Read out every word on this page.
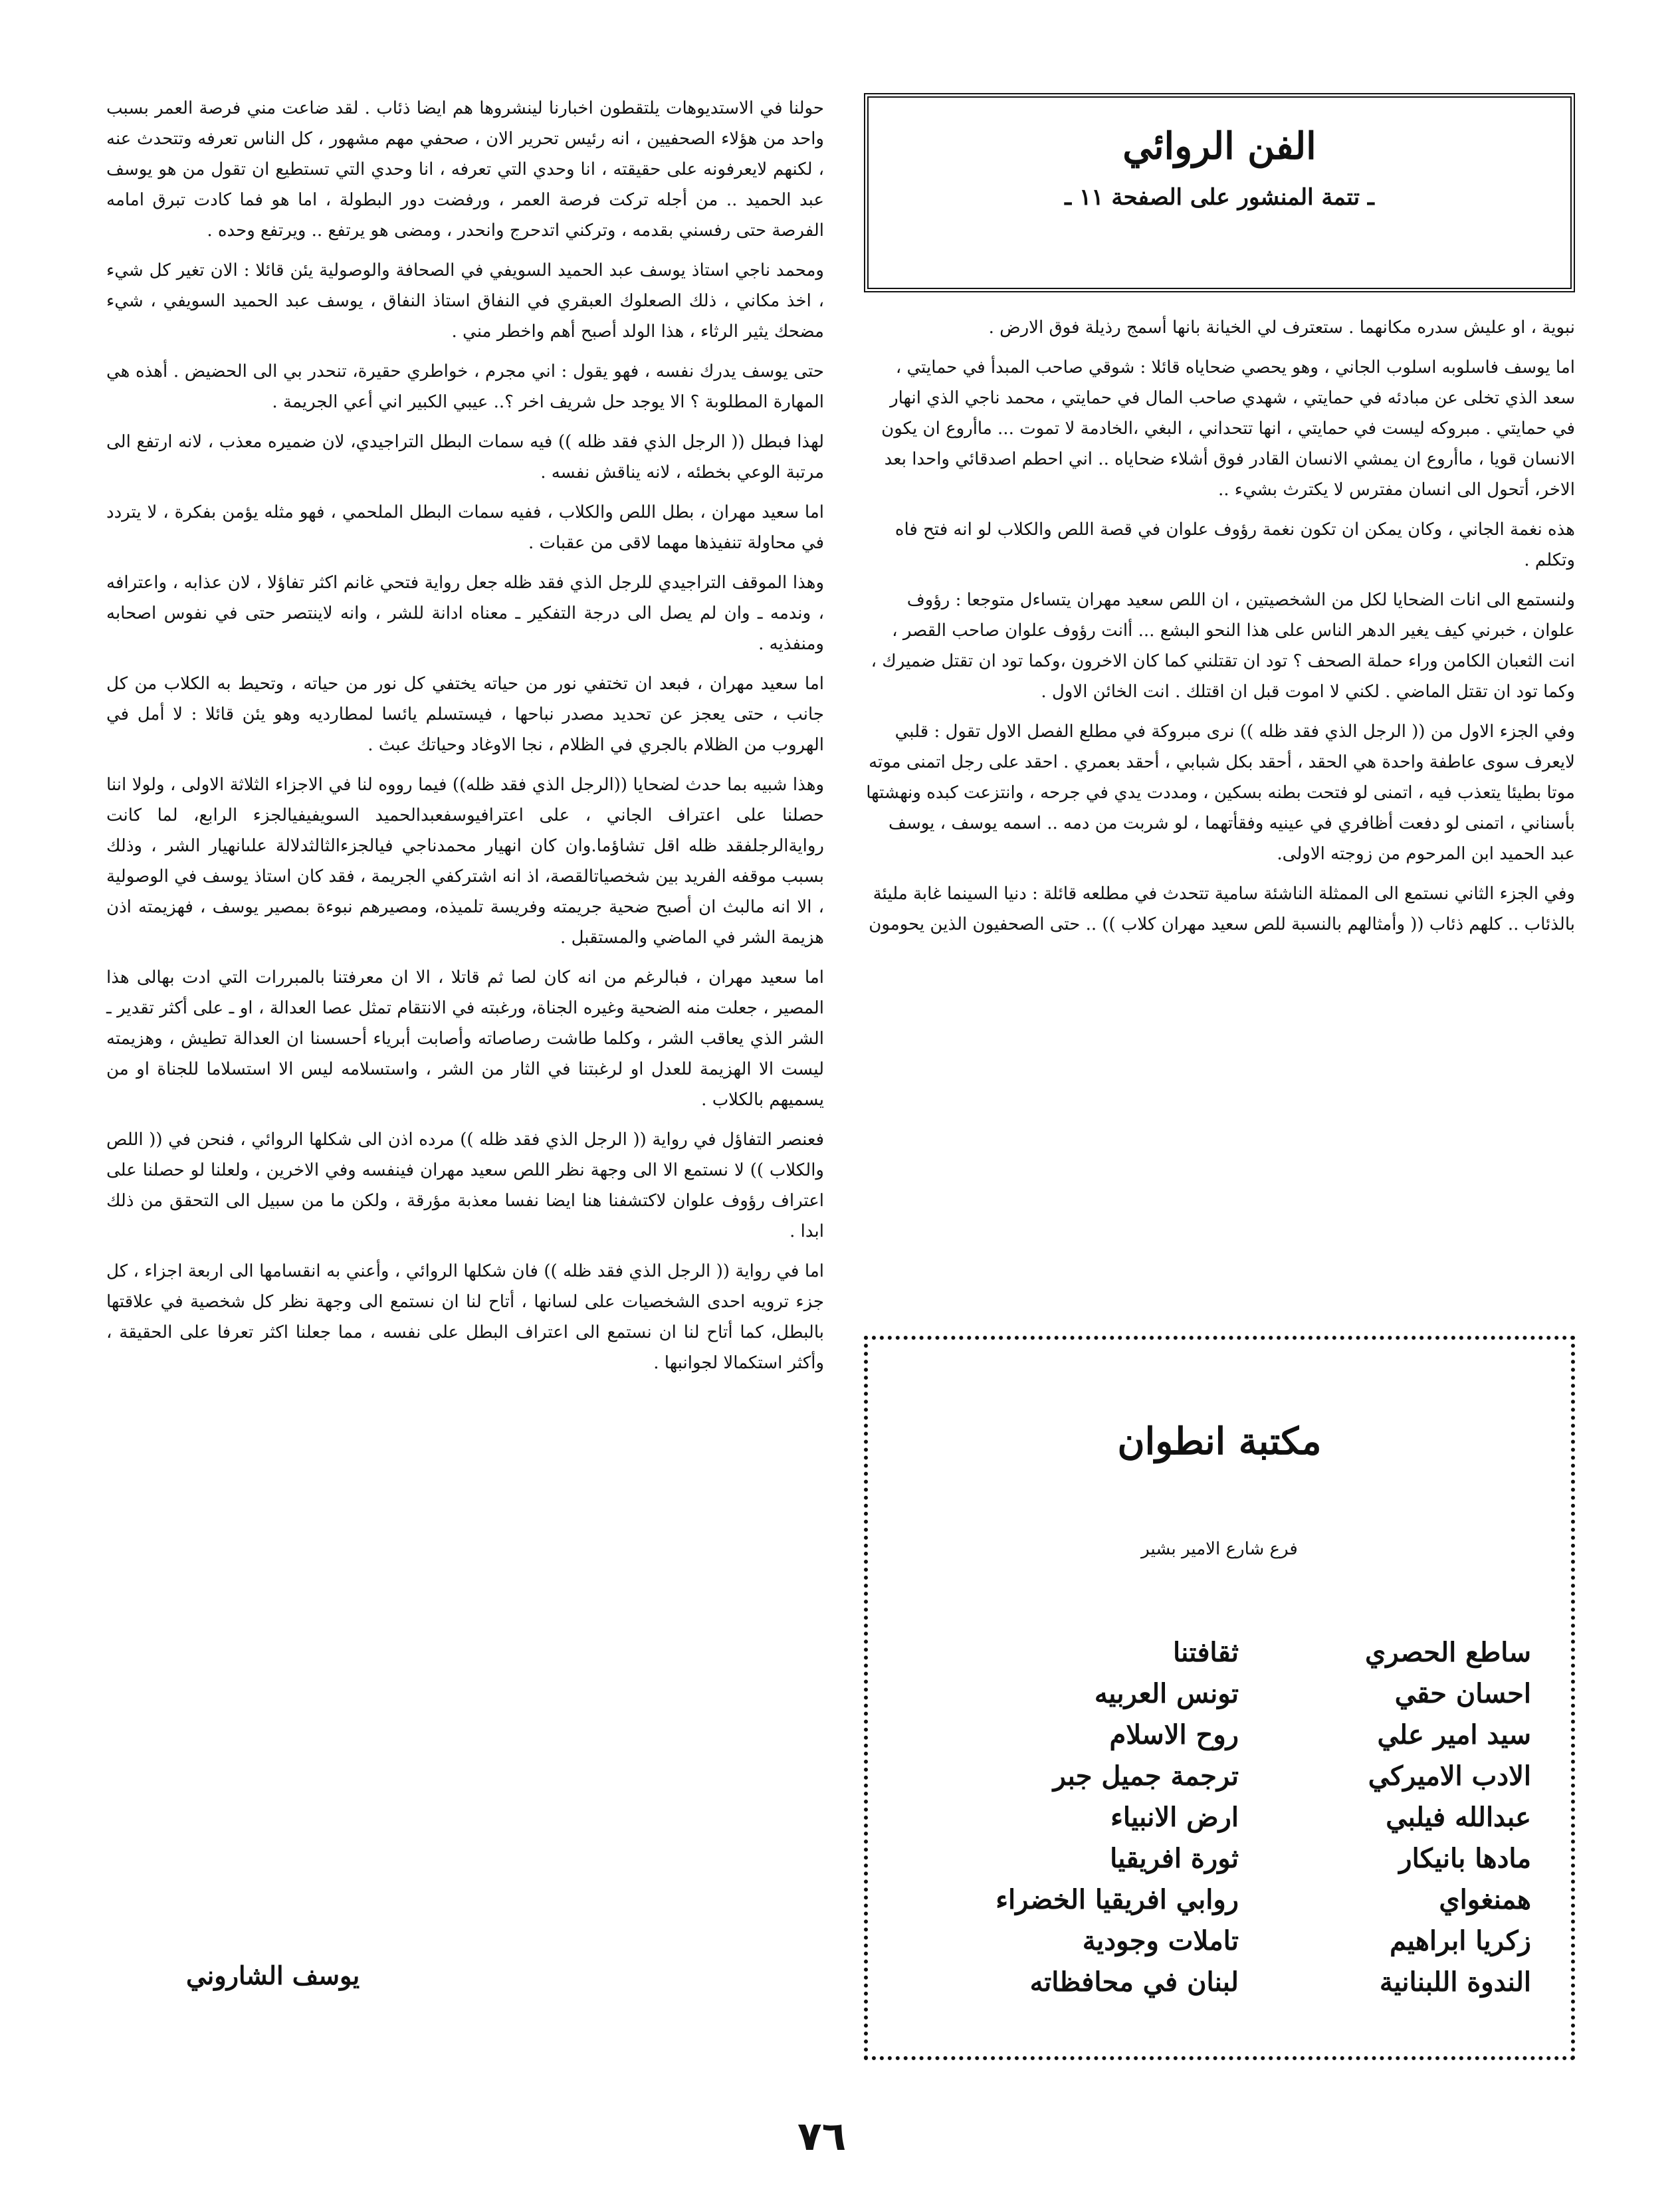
الفن الروائي
ـ تتمة المنشور على الصفحة ١١ ـ

نبوية ، او عليش سدره مكانهما . ستعترف لي الخيانة بانها أسمج رذيلة فوق الارض .

اما يوسف فاسلوبه اسلوب الجاني ، وهو يحصي ضحاياه قائلا : شوقي صاحب المبدأ في حمايتي ، سعد الذي تخلى عن مبادئه في حمايتي ، شهدي صاحب المال في حمايتي ، محمد ناجي الذي انهار في حمايتي . مبروكه ليست في حمايتي ، انها تتحداني ، البغي ،الخادمة لا تموت ... ماأروع ان يكون الانسان قويا ، ماأروع ان يمشي الانسان القادر فوق أشلاء ضحاياه .. اني احطم اصدقائي واحدا بعد الاخر، أتحول الى انسان مفترس لا يكترث بشيء ..

هذه نغمة الجاني ، وكان يمكن ان تكون نغمة رؤوف علوان في قصة اللص والكلاب لو انه فتح فاه وتكلم .

ولنستمع الى انات الضحايا لكل من الشخصيتين ، ان اللص سعيد مهران يتساءل متوجعا : رؤوف علوان ، خبرني كيف يغير الدهر الناس على هذا النحو البشع ... أانت رؤوف علوان صاحب القصر ، انت الثعبان الكامن وراء حملة الصحف ؟ تود ان تقتلني كما كان الاخرون ،وكما تود ان تقتل ضميرك ، وكما تود ان تقتل الماضي . لكني لا اموت قبل ان اقتلك . انت الخائن الاول .

وفي الجزء الاول من (( الرجل الذي فقد ظله )) نرى مبروكة في مطلع الفصل الاول تقول : قلبي لايعرف سوى عاطفة واحدة هي الحقد ، أحقد بكل شبابي ، أحقد بعمري . احقد على رجل اتمنى موته موتا بطيئا يتعذب فيه ، اتمنى لو فتحت بطنه بسكين ، ومددت يدي في جرحه ، وانتزعت كبده ونهشتها بأسناني ، اتمنى لو دفعت أظافري في عينيه وفقأتهما ، لو شربت من دمه .. اسمه يوسف ، يوسف عبد الحميد ابن المرحوم من زوجته الاولى.

وفي الجزء الثاني نستمع الى الممثلة الناشئة سامية تتحدث في مطلعه قائلة : دنيا السينما غابة مليئة بالذئاب .. كلهم ذئاب (( وأمثالهم بالنسبة للص سعيد مهران كلاب )) .. حتى الصحفيون الذين يحومون

حولنا في الاستديوهات يلتقطون اخبارنا لينشروها هم ايضا ذئاب . لقد ضاعت مني فرصة العمر بسبب واحد من هؤلاء الصحفيين ، انه رئيس تحرير الان ، صحفي مهم مشهور ، كل الناس تعرفه وتتحدث عنه ، لكنهم لايعرفونه على حقيقته ، انا وحدي التي تعرفه ، انا وحدي التي تستطيع ان تقول من هو يوسف عبد الحميد .. من أجله تركت فرصة العمر ، ورفضت دور البطولة ، اما هو فما كادت تبرق امامه الفرصة حتى رفسني بقدمه ، وتركني اتدحرج وانحدر ، ومضى هو يرتفع .. ويرتفع وحده .

ومحمد ناجي استاذ يوسف عبد الحميد السويفي في الصحافة والوصولية يئن قائلا : الان تغير كل شيء ، اخذ مكاني ، ذلك الصعلوك العبقري في النفاق استاذ النفاق ، يوسف عبد الحميد السويفي ، شيء مضحك يثير الرثاء ، هذا الولد أصبح أهم واخطر مني .

حتى يوسف يدرك نفسه ، فهو يقول : اني مجرم ، خواطري حقيرة، تنحدر بي الى الحضيض . أهذه هي المهارة المطلوبة ؟ الا يوجد حل شريف اخر ؟.. عيبي الكبير اني أعي الجريمة .

لهذا فبطل (( الرجل الذي فقد ظله )) فيه سمات البطل التراجيدي، لان ضميره معذب ، لانه ارتفع الى مرتبة الوعي بخطئه ، لانه يناقش نفسه .

اما سعيد مهران ، بطل اللص والكلاب ، ففيه سمات البطل الملحمي ، فهو مثله يؤمن بفكرة ، لا يتردد في محاولة تنفيذها مهما لاقى من عقبات .

وهذا الموقف التراجيدي للرجل الذي فقد ظله جعل رواية فتحي غانم اكثر تفاؤلا ، لان عذابه ، واعترافه ، وندمه ـ وان لم يصل الى درجة التفكير ـ معناه ادانة للشر ، وانه لاينتصر حتى في نفوس اصحابه ومنفذيه .

اما سعيد مهران ، فبعد ان تختفي نور من حياته يختفي كل نور من حياته ، وتحيط به الكلاب من كل جانب ، حتى يعجز عن تحديد مصدر نباحها ، فيستسلم يائسا لمطارديه وهو يئن قائلا : لا أمل في الهروب من الظلام بالجري في الظلام ، نجا الاوغاد وحياتك عبث .

وهذا شبيه بما حدث لضحايا ((الرجل الذي فقد ظله)) فيما رووه لنا في الاجزاء الثلاثة الاولى ، ولولا اننا حصلنا على اعتراف الجاني ، على اعترافيوسفعبدالحميد السويفيفيالجزء الرابع، لما كانت روايةالرجلفقد ظله اقل تشاؤما.وان كان انهيار محمدناجي فيالجزءالثالثدلالة علىانهيار الشر ، وذلك بسبب موقفه الفريد بين شخصياتالقصة، اذ انه اشتركفي الجريمة ، فقد كان استاذ يوسف في الوصولية ، الا انه مالبث ان أصبح ضحية جريمته وفريسة تلميذه، ومصيرهم نبوءة بمصير يوسف ، فهزيمته اذن هزيمة الشر في الماضي والمستقبل .

اما سعيد مهران ، فبالرغم من انه كان لصا ثم قاتلا ، الا ان معرفتنا بالمبررات التي ادت بهالى هذا المصير ، جعلت منه الضحية وغيره الجناة، ورغبته في الانتقام تمثل عصا العدالة ، او ـ على أكثر تقدير ـ الشر الذي يعاقب الشر ، وكلما طاشت رصاصاته وأصابت أبرياء أحسسنا ان العدالة تطيش ، وهزيمته ليست الا الهزيمة للعدل او لرغبتنا في الثار من الشر ، واستسلامه ليس الا استسلاما للجناة او من يسميهم بالكلاب .

فعنصر التفاؤل في رواية (( الرجل الذي فقد ظله )) مرده اذن الى شكلها الروائي ، فنحن في (( اللص والكلاب )) لا نستمع الا الى وجهة نظر اللص سعيد مهران فينفسه وفي الاخرين ، ولعلنا لو حصلنا على اعتراف رؤوف علوان لاكتشفنا هنا ايضا نفسا معذبة مؤرقة ، ولكن ما من سبيل الى التحقق من ذلك ابدا .

اما في رواية (( الرجل الذي فقد ظله )) فان شكلها الروائي ، وأعني به انقسامها الى اربعة اجزاء ، كل جزء ترويه احدى الشخصيات على لسانها ، أتاح لنا ان نستمع الى وجهة نظر كل شخصية في علاقتها بالبطل، كما أتاح لنا ان نستمع الى اعتراف البطل على نفسه ، مما جعلنا اكثر تعرفا على الحقيقة ، وأكثر استكمالا لجوانبها .

مكتبة انطوان
فرع شارع الامير بشير
ساطع الحصري
احسان حقي
سيد امير علي
الادب الاميركي
عبدالله فيلبي
مادها بانيكار
همنغواي
زكريا ابراهيم
الندوة اللبنانية
ثقافتنا
تونس العربيه
روح الاسلام
ترجمة جميل جبر
ارض الانبياء
ثورة افريقيا
روابي افريقيا الخضراء
تاملات وجودية
لبنان في محافظاته
يوسف الشاروني
٧٦
